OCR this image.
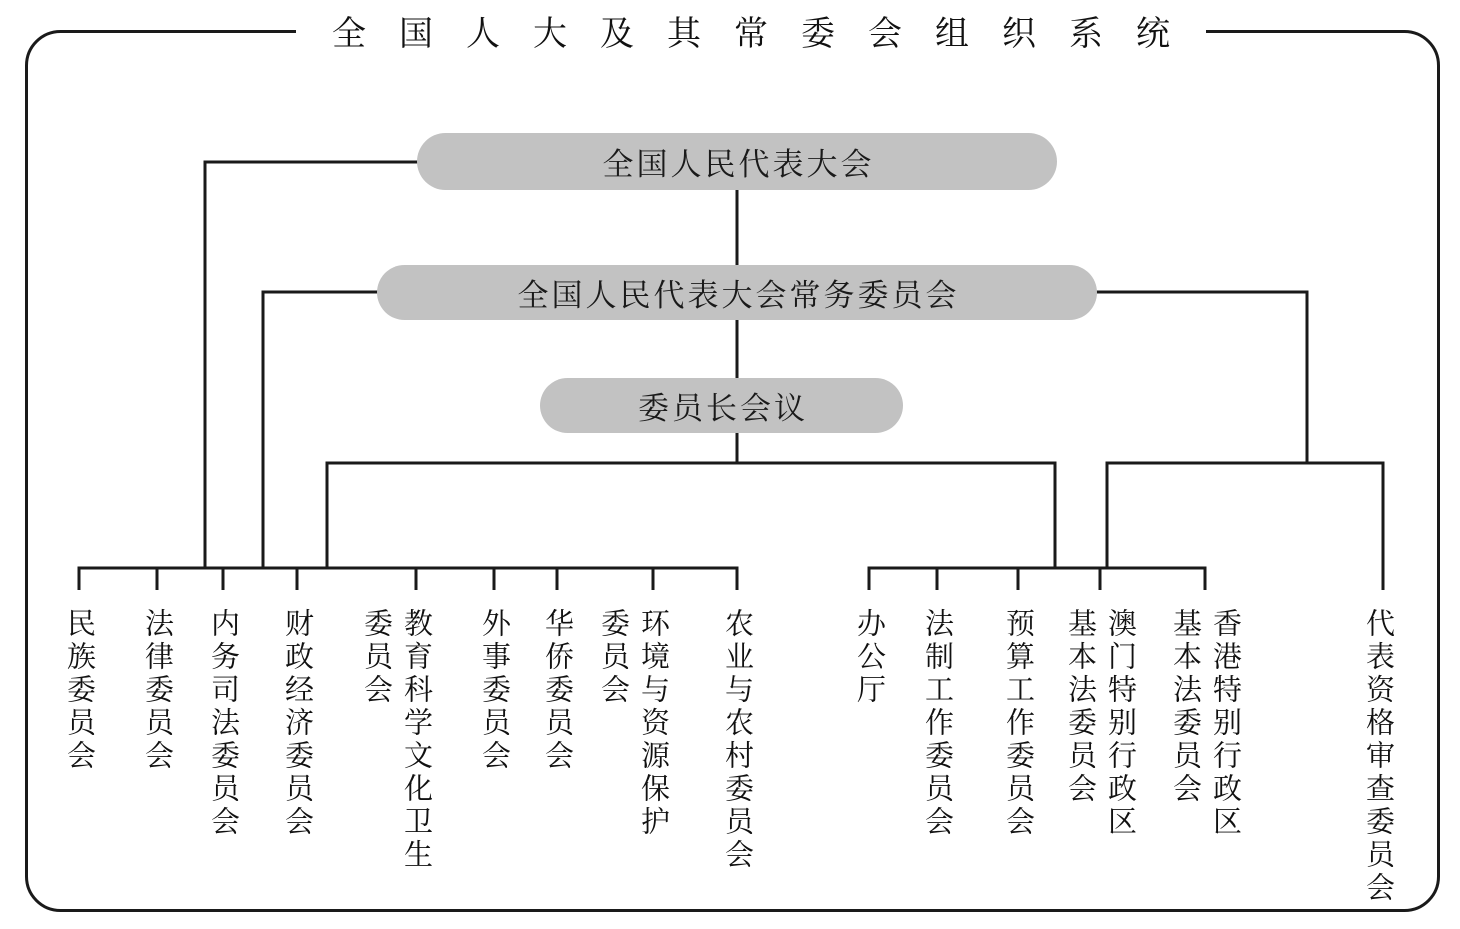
全国人大及其常委会组织系统
全国人民代表大会
全国人民代表大会常务委员会
委员长会议
民族委员会 法律委员会 内务司法委员会 财政经济委员会	教育科学文化卫生
委员会	外事委员会 华侨委员会 环境与资源保护
委员会	农业与农村委员会	办公厅 法制工作委员会 预算工作委员会 澳门特别行政区
基本法委员会	香港特别行政区
基本法委员会	代表资格审查委员会
